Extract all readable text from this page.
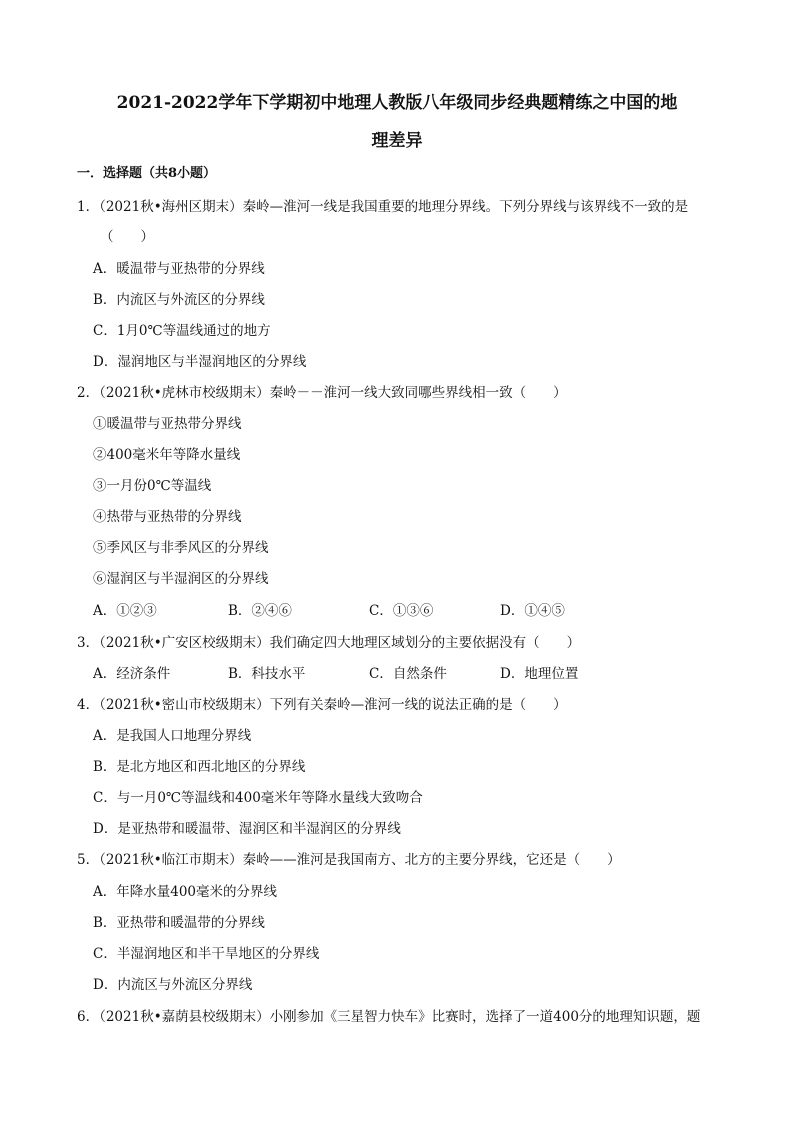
2021-2022学年下学期初中地理人教版八年级同步经典题精练之中国的地
理差异
一．选择题（共8小题）
1．（2021秋•海州区期末）秦岭—淮河一线是我国重要的地理分界线。下列分界线与该界线不一致的是
（　　）
A．暖温带与亚热带的分界线
B．内流区与外流区的分界线
C．1月0℃等温线通过的地方
D．湿润地区与半湿润地区的分界线
2．（2021秋•虎林市校级期末）秦岭－－淮河一线大致同哪些界线相一致（　　）
①暖温带与亚热带分界线
②400毫米年等降水量线
③一月份0℃等温线
④热带与亚热带的分界线
⑤季风区与非季风区的分界线
⑥湿润区与半湿润区的分界线
A．①②③	B．②④⑥	C．①③⑥	D．①④⑤
3．（2021秋•广安区校级期末）我们确定四大地理区域划分的主要依据没有（　　）
A．经济条件	B．科技水平	C．自然条件	D．地理位置
4．（2021秋•密山市校级期末）下列有关秦岭—淮河一线的说法正确的是（　　）
A．是我国人口地理分界线
B．是北方地区和西北地区的分界线
C．与一月0℃等温线和400毫米年等降水量线大致吻合
D．是亚热带和暖温带、湿润区和半湿润区的分界线
5．（2021秋•临江市期末）秦岭——淮河是我国南方、北方的主要分界线，它还是（　　）
A．年降水量400毫米的分界线
B．亚热带和暖温带的分界线
C．半湿润地区和半干旱地区的分界线
D．内流区与外流区分界线
6．（2021秋•嘉荫县校级期末）小刚参加《三星智力快车》比赛时，选择了一道400分的地理知识题，题
